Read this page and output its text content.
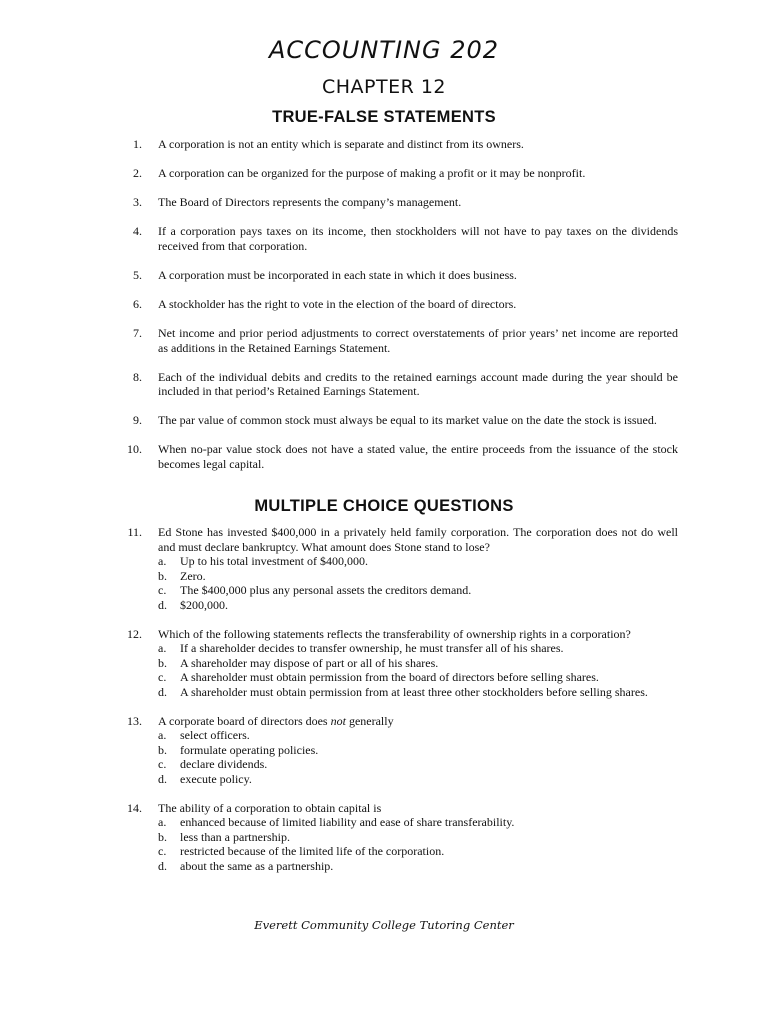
ACCOUNTING 202
CHAPTER 12
TRUE-FALSE STATEMENTS
1. A corporation is not an entity which is separate and distinct from its owners.
2. A corporation can be organized for the purpose of making a profit or it may be nonprofit.
3. The Board of Directors represents the company’s management.
4. If a corporation pays taxes on its income, then stockholders will not have to pay taxes on the dividends received from that corporation.
5. A corporation must be incorporated in each state in which it does business.
6. A stockholder has the right to vote in the election of the board of directors.
7. Net income and prior period adjustments to correct overstatements of prior years’ net income are reported as additions in the Retained Earnings Statement.
8. Each of the individual debits and credits to the retained earnings account made during the year should be included in that period’s Retained Earnings Statement.
9. The par value of common stock must always be equal to its market value on the date the stock is issued.
10. When no-par value stock does not have a stated value, the entire proceeds from the issuance of the stock becomes legal capital.
MULTIPLE CHOICE QUESTIONS
11. Ed Stone has invested $400,000 in a privately held family corporation. The corporation does not do well and must declare bankruptcy. What amount does Stone stand to lose?
a. Up to his total investment of $400,000.
b. Zero.
c. The $400,000 plus any personal assets the creditors demand.
d. $200,000.
12. Which of the following statements reflects the transferability of ownership rights in a corporation?
a. If a shareholder decides to transfer ownership, he must transfer all of his shares.
b. A shareholder may dispose of part or all of his shares.
c. A shareholder must obtain permission from the board of directors before selling shares.
d. A shareholder must obtain permission from at least three other stockholders before selling shares.
13. A corporate board of directors does not generally
a. select officers.
b. formulate operating policies.
c. declare dividends.
d. execute policy.
14. The ability of a corporation to obtain capital is
a. enhanced because of limited liability and ease of share transferability.
b. less than a partnership.
c. restricted because of the limited life of the corporation.
d. about the same as a partnership.
Everett Community College Tutoring Center
